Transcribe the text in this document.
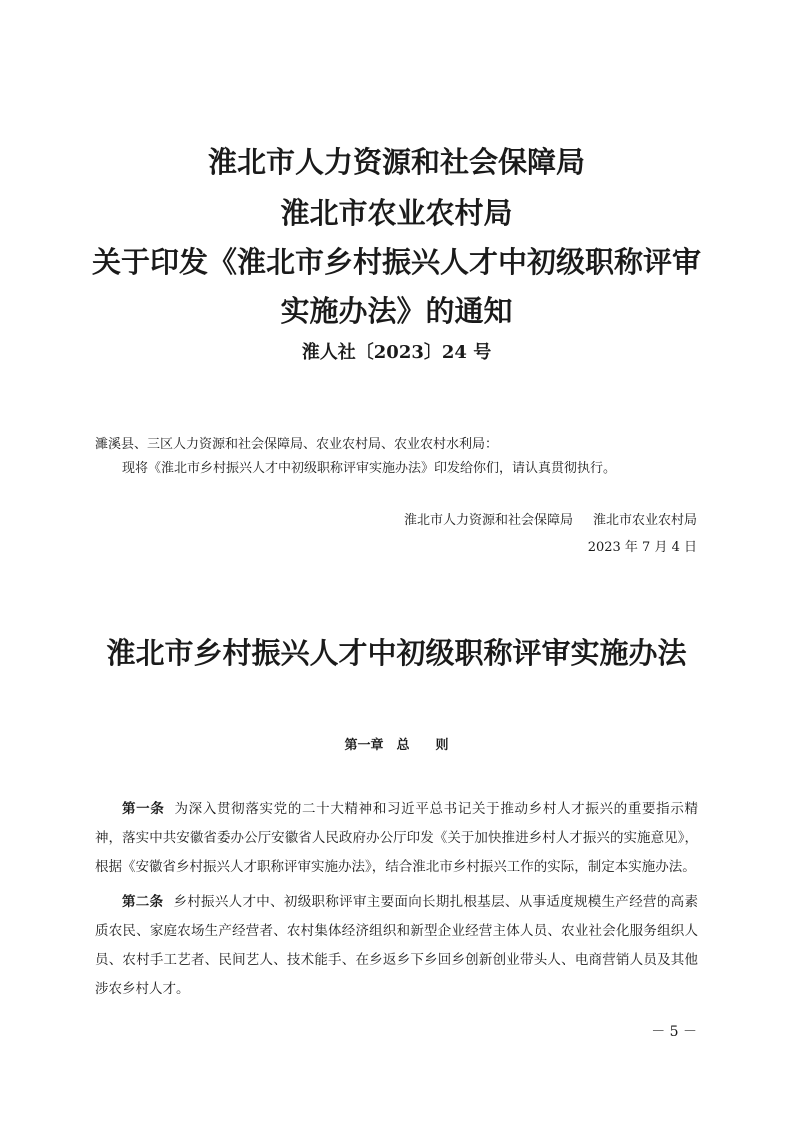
淮北市人力资源和社会保障局
淮北市农业农村局
关于印发《淮北市乡村振兴人才中初级职称评审
实施办法》的通知
淮人社〔2023〕24 号
濉溪县、三区人力资源和社会保障局、农业农村局、农业农村水利局：
现将《淮北市乡村振兴人才中初级职称评审实施办法》印发给你们，请认真贯彻执行。
淮北市人力资源和社会保障局 淮北市农业农村局
2023 年 7 月 4 日
淮北市乡村振兴人才中初级职称评审实施办法
第一章　总　　则

第一条 为深入贯彻落实党的二十大精神和习近平总书记关于推动乡村人才振兴的重要指示精神，落实中共安徽省委办公厅安徽省人民政府办公厅印发《关于加快推进乡村人才振兴的实施意见》，根据《安徽省乡村振兴人才职称评审实施办法》，结合淮北市乡村振兴工作的实际，制定本实施办法。

第二条 乡村振兴人才中、初级职称评审主要面向长期扎根基层、从事适度规模生产经营的高素质农民、家庭农场生产经营者、农村集体经济组织和新型企业经营主体人员、农业社会化服务组织人员、农村手工艺者、民间艺人、技术能手、在乡返乡下乡回乡创新创业带头人、电商营销人员及其他涉农乡村人才。

－ 5 －
